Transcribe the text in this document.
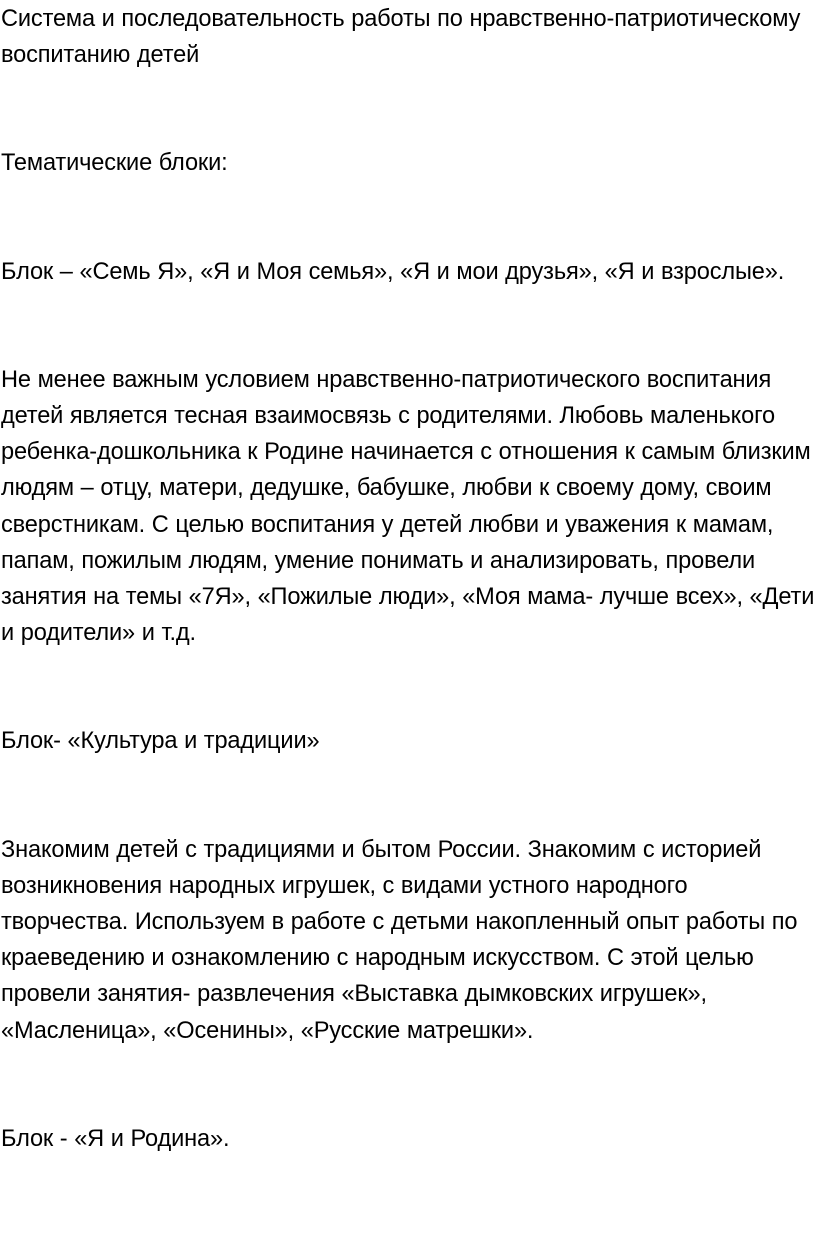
Система и последовательность работы по нравственно-патриотическому воспитанию детей

Тематические блоки:

Блок – «Семь Я», «Я и Моя семья», «Я и мои друзья», «Я и взрослые».

Не менее важным условием нравственно-патриотического воспитания детей является тесная взаимосвязь с родителями. Любовь маленького ребенка-дошкольника к Родине начинается с отношения к самым близким людям – отцу, матери, дедушке, бабушке, любви к своему дому, своим сверстникам. С целью воспитания у детей любви и уважения к мамам, папам, пожилым людям, умение понимать и анализировать, провели занятия на темы «7Я», «Пожилые люди», «Моя мама- лучше всех», «Дети и родители» и т.д.

Блок- «Культура и традиции»

Знакомим детей с традициями и бытом России. Знакомим с историей возникновения народных игрушек, с видами устного народного творчества. Используем в работе с детьми накопленный опыт работы по краеведению и ознакомлению с народным искусством. С этой целью провели занятия- развлечения «Выставка дымковских игрушек», «Масленица», «Осенины», «Русские матрешки».

Блок - «Я и Родина».
